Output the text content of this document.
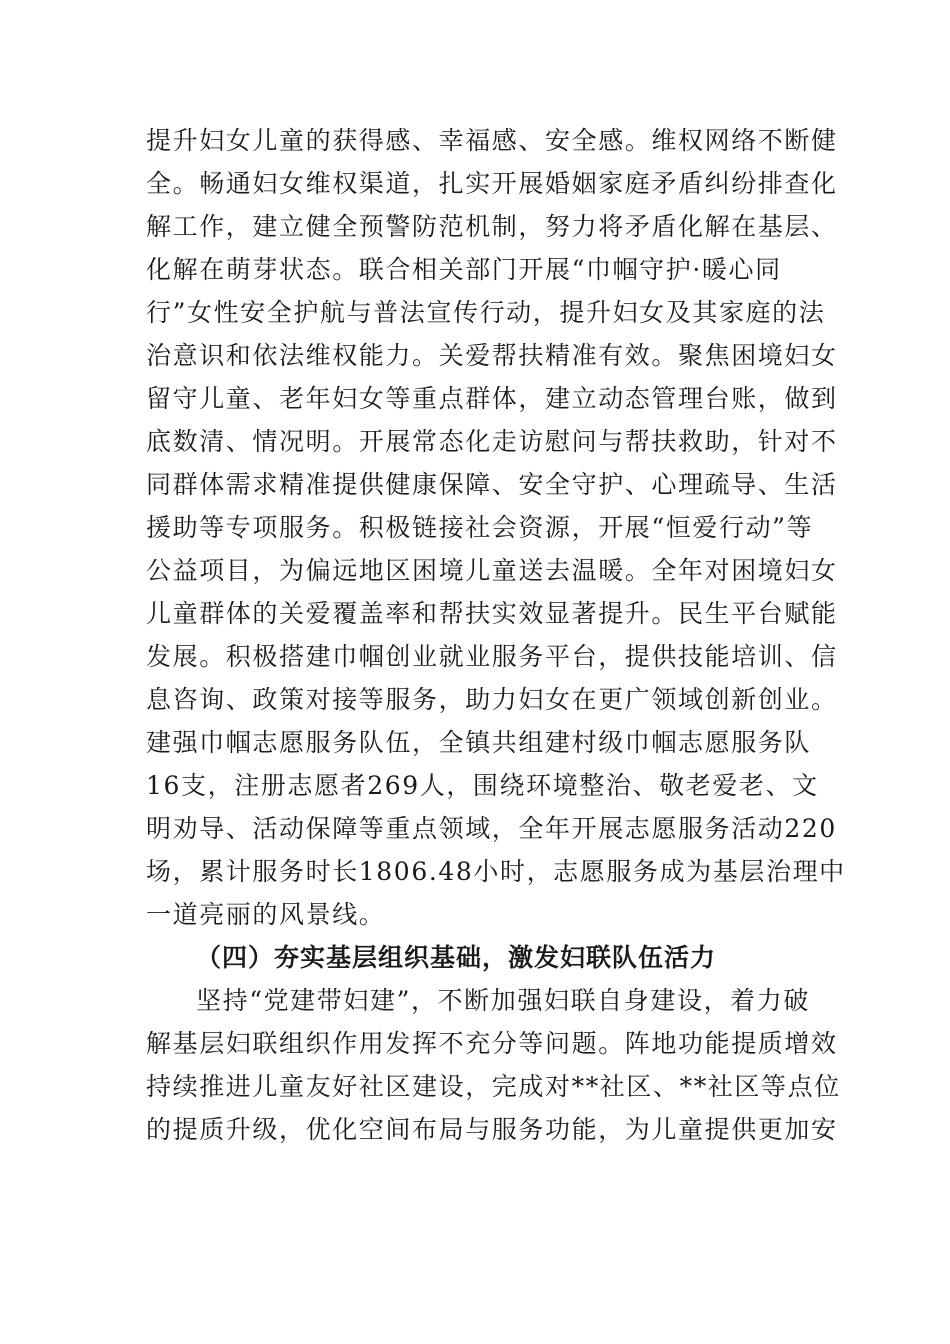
提升妇女儿童的获得感、幸福感、安全感。维权网络不断健
全。畅通妇女维权渠道，扎实开展婚姻家庭矛盾纠纷排查化
解工作，建立健全预警防范机制，努力将矛盾化解在基层、
化解在萌芽状态。联合相关部门开展“巾帼守护·暖心同
行”女性安全护航与普法宣传行动，提升妇女及其家庭的法
治意识和依法维权能力。关爱帮扶精准有效。聚焦困境妇女
留守儿童、老年妇女等重点群体，建立动态管理台账，做到
底数清、情况明。开展常态化走访慰问与帮扶救助，针对不
同群体需求精准提供健康保障、安全守护、心理疏导、生活
援助等专项服务。积极链接社会资源，开展“恒爱行动”等
公益项目，为偏远地区困境儿童送去温暖。全年对困境妇女
儿童群体的关爱覆盖率和帮扶实效显著提升。民生平台赋能
发展。积极搭建巾帼创业就业服务平台，提供技能培训、信
息咨询、政策对接等服务，助力妇女在更广领域创新创业。
建强巾帼志愿服务队伍，全镇共组建村级巾帼志愿服务队
16支，注册志愿者269人，围绕环境整治、敬老爱老、文
明劝导、活动保障等重点领域，全年开展志愿服务活动220
场，累计服务时长1806.48小时，志愿服务成为基层治理中
一道亮丽的风景线。
（四）夯实基层组织基础，激发妇联队伍活力
坚持“党建带妇建”，不断加强妇联自身建设，着力破
解基层妇联组织作用发挥不充分等问题。阵地功能提质增效
持续推进儿童友好社区建设，完成对**社区、**社区等点位
的提质升级，优化空间布局与服务功能，为儿童提供更加安
